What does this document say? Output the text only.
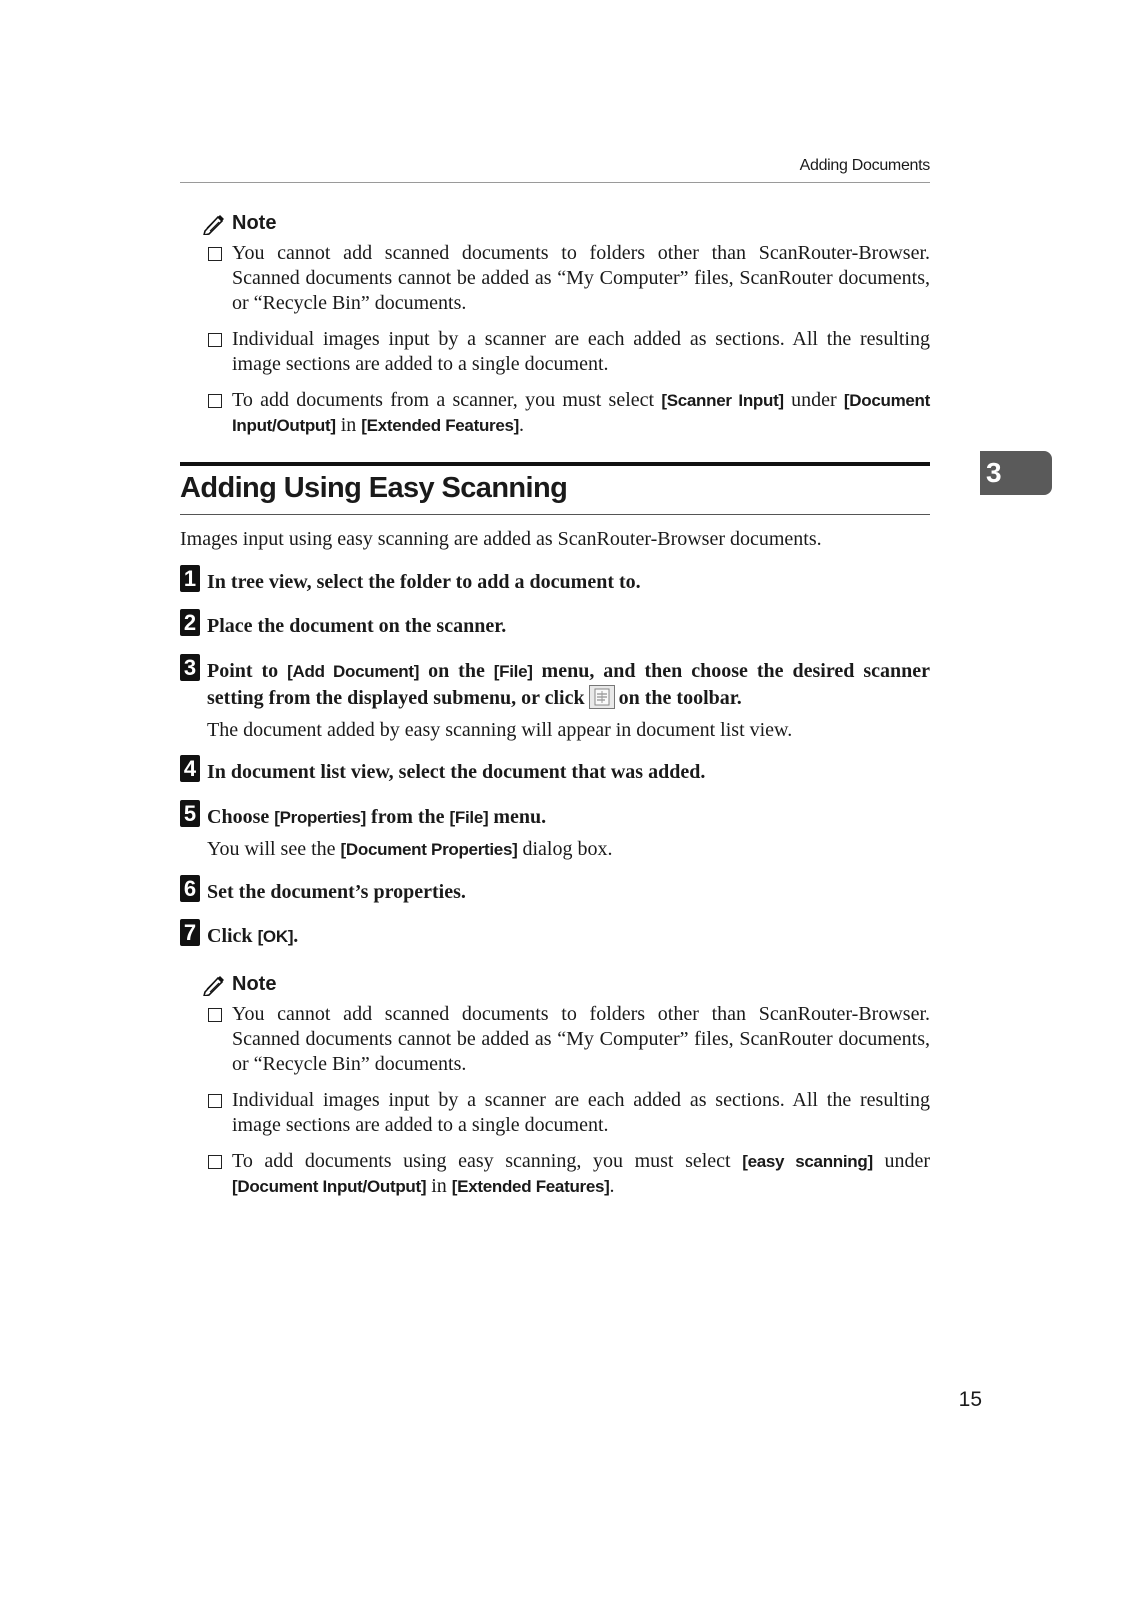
Adding Documents
Note
You cannot add scanned documents to folders other than ScanRouter-Browser. Scanned documents cannot be added as “My Computer” files, ScanRouter documents, or “Recycle Bin” documents.
Individual images input by a scanner are each added as sections. All the resulting image sections are added to a single document.
To add documents from a scanner, you must select [Scanner Input] under [Document Input/Output] in [Extended Features].
Adding Using Easy Scanning	3
Images input using easy scanning are added as ScanRouter-Browser documents.
1 In tree view, select the folder to add a document to.
2 Place the document on the scanner.
3 Point to [Add Document] on the [File] menu, and then choose the desired scanner setting from the displayed submenu, or click on the toolbar.
The document added by easy scanning will appear in document list view.
4 In document list view, select the document that was added.
5 Choose [Properties] from the [File] menu.
You will see the [Document Properties] dialog box.
6 Set the document’s properties.
7 Click [OK].
Note
You cannot add scanned documents to folders other than ScanRouter-Browser. Scanned documents cannot be added as “My Computer” files, ScanRouter documents, or “Recycle Bin” documents.
Individual images input by a scanner are each added as sections. All the resulting image sections are added to a single document.
To add documents using easy scanning, you must select [easy scanning] under [Document Input/Output] in [Extended Features].
15
